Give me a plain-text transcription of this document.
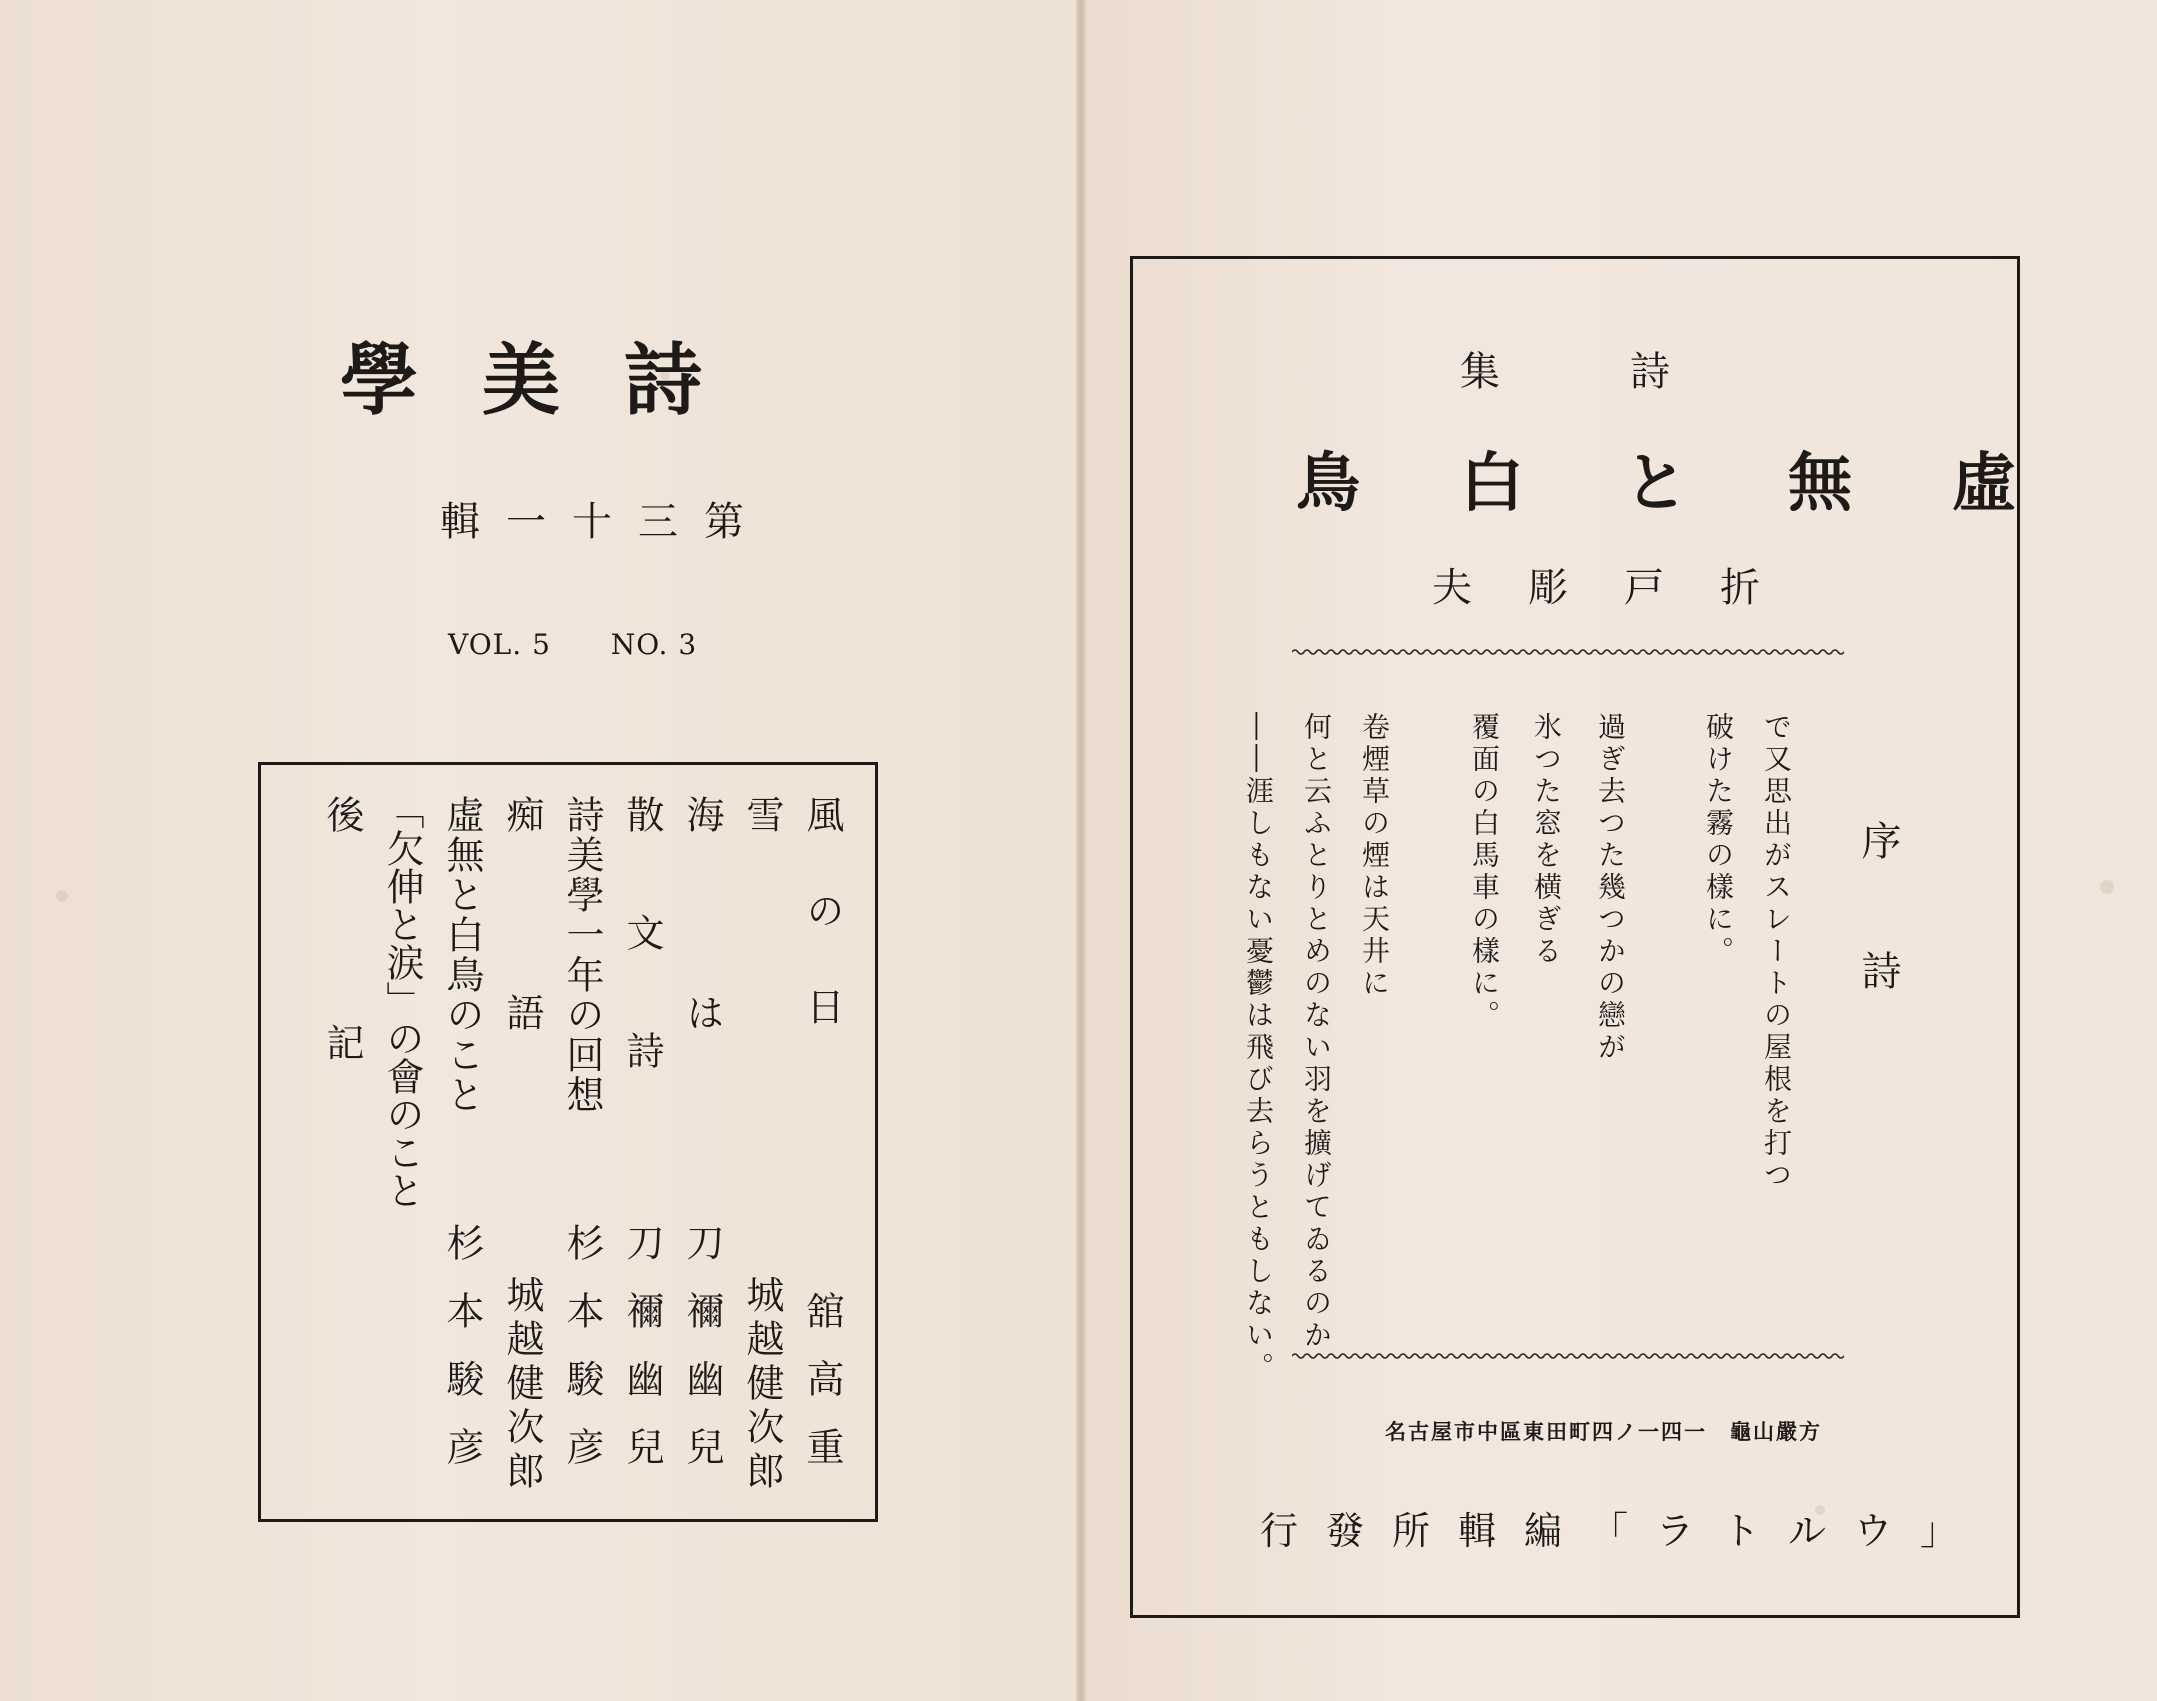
學美詩
輯一十三第
VOL. 5 NO. 3
風の日
舘高重
雪
城越健次郎
海は
刀禰幽兒
散文詩
刀禰幽兒
詩美學一年の回想
杉本駿彦
痴語
城越健次郎
虛無と白鳥のこと
杉本駿彦
「欠伸と涙」の會のこと
後記
集詩
鳥白と無虛
夫彫戸折
序詩
で又思出がスレートの屋根を打つ
破けた霧の樣に。
過ぎ去つた幾つかの戀が
氷つた窓を横ぎる
覆面の白馬車の樣に。
卷煙草の煙は天井に
何と云ふとりとめのない羽を擴げてゐるのか
――涯しもない憂鬱は飛び去らうともしない。
名古屋市中區東田町四ノ一四一　龜山嚴方
行發所輯編「ラトルウ」
